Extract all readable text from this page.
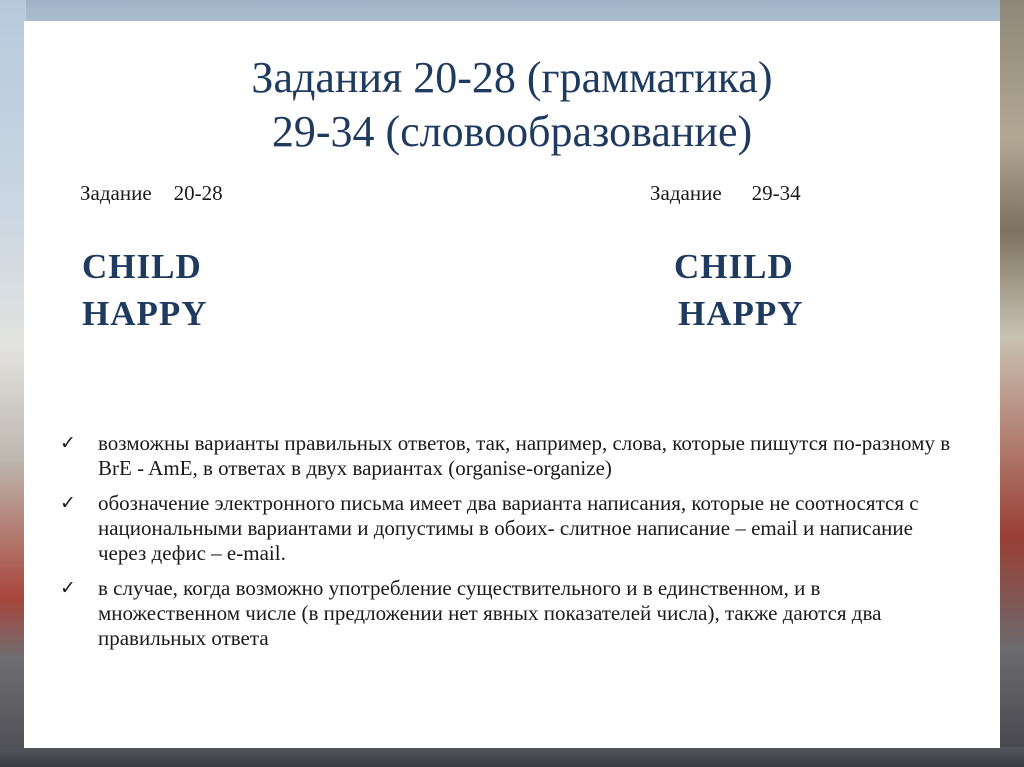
Задания 20-28 (грамматика)
29-34 (словообразование)
Задание 20-28	Задание 29-34
CHILD
HAPPY
CHILD
HAPPY
✓ возможны варианты правильных ответов, так, например, слова, которые пишутся по-разному в BrE - AmE, в ответах в двух вариантах (organise-organize)
✓ обозначение электронного письма имеет два варианта написания, которые не соотносятся с национальными вариантами и допустимы в обоих- слитное написание – email и написание через дефис – e-mail.
✓ в случае, когда возможно употребление существительного и в единственном, и в множественном числе (в предложении нет явных показателей числа), также даются два правильных ответа
